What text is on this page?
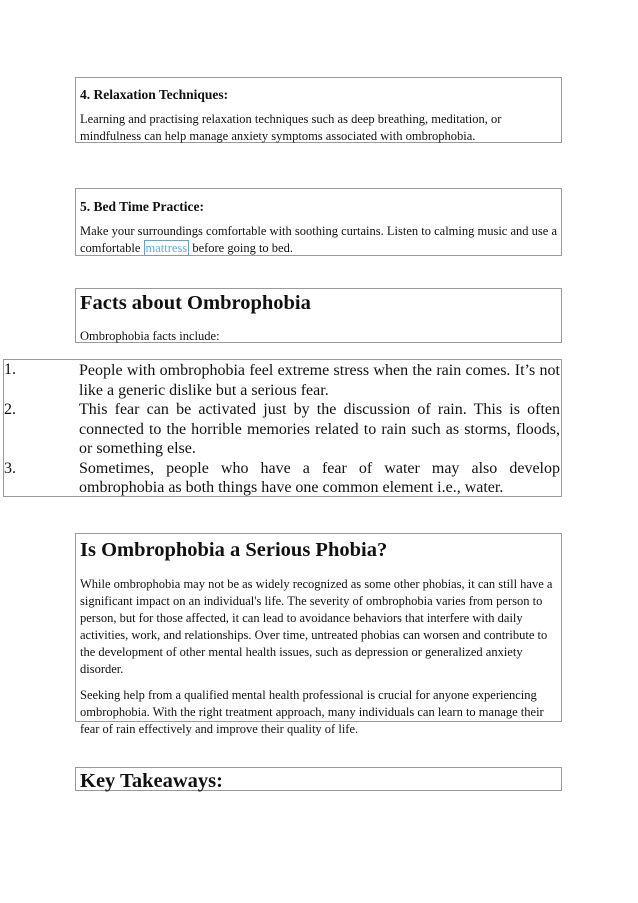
4. Relaxation Techniques:
Learning and practising relaxation techniques such as deep breathing, meditation, or mindfulness can help manage anxiety symptoms associated with ombrophobia.
5. Bed Time Practice:
Make your surroundings comfortable with soothing curtains. Listen to calming music and use a comfortable mattress before going to bed.
Facts about Ombrophobia
Ombrophobia facts include:
1.	People with ombrophobia feel extreme stress when the rain comes. It’s not like a generic dislike but a serious fear.
2.	This fear can be activated just by the discussion of rain. This is often connected to the horrible memories related to rain such as storms, floods, or something else.
3.	Sometimes, people who have a fear of water may also develop ombrophobia as both things have one common element i.e., water.
Is Ombrophobia a Serious Phobia?
While ombrophobia may not be as widely recognized as some other phobias, it can still have a significant impact on an individual's life. The severity of ombrophobia varies from person to person, but for those affected, it can lead to avoidance behaviors that interfere with daily activities, work, and relationships. Over time, untreated phobias can worsen and contribute to the development of other mental health issues, such as depression or generalized anxiety disorder.
Seeking help from a qualified mental health professional is crucial for anyone experiencing ombrophobia. With the right treatment approach, many individuals can learn to manage their fear of rain effectively and improve their quality of life.
Key Takeaways:
